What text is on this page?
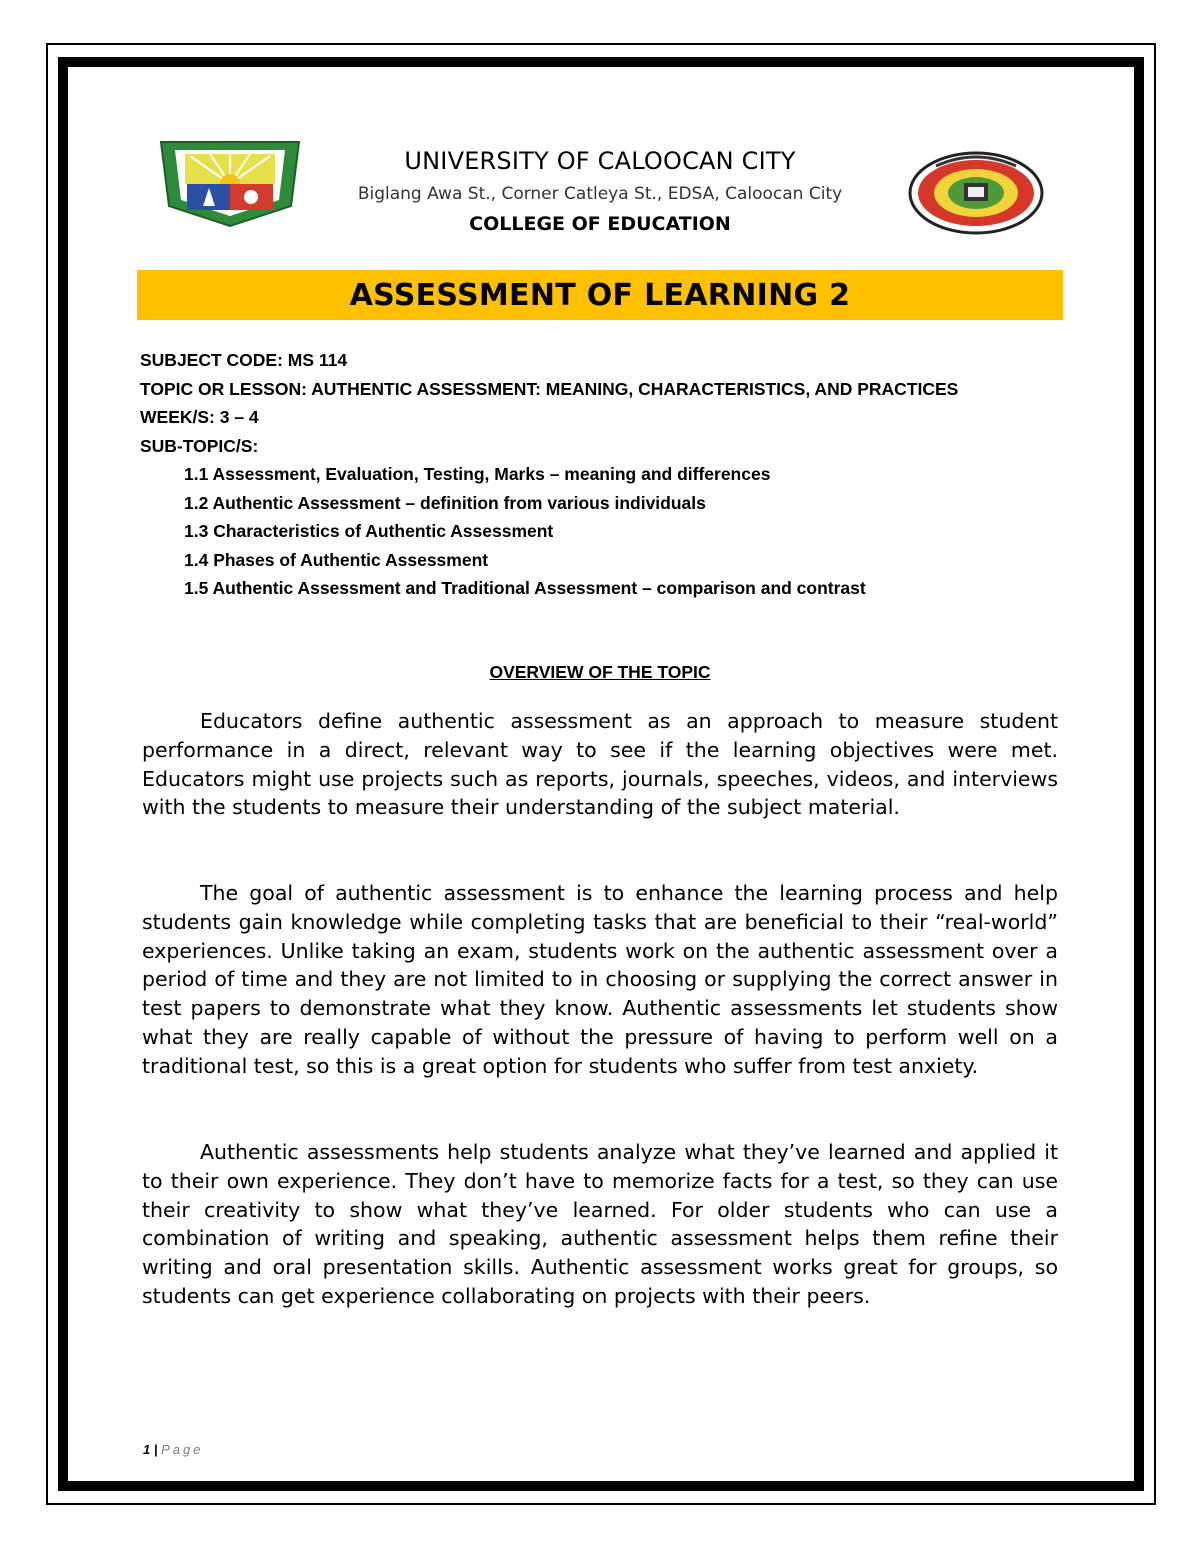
UNIVERSITY OF CALOOCAN CITY
Biglang Awa St., Corner Catleya St., EDSA, Caloocan City
COLLEGE OF EDUCATION
ASSESSMENT OF LEARNING 2
SUBJECT CODE: MS 114
TOPIC OR LESSON: AUTHENTIC ASSESSMENT: MEANING, CHARACTERISTICS, AND PRACTICES
WEEK/S: 3 – 4
SUB-TOPIC/S:
1.1 Assessment, Evaluation, Testing, Marks – meaning and differences
1.2 Authentic Assessment – definition from various individuals
1.3 Characteristics of Authentic Assessment
1.4 Phases of Authentic Assessment
1.5 Authentic Assessment and Traditional Assessment – comparison and contrast
OVERVIEW OF THE TOPIC

Educators define authentic assessment as an approach to measure student performance in a direct, relevant way to see if the learning objectives were met. Educators might use projects such as reports, journals, speeches, videos, and interviews with the students to measure their understanding of the subject material.

The goal of authentic assessment is to enhance the learning process and help students gain knowledge while completing tasks that are beneficial to their “real-world” experiences. Unlike taking an exam, students work on the authentic assessment over a period of time and they are not limited to in choosing or supplying the correct answer in test papers to demonstrate what they know. Authentic assessments let students show what they are really capable of without the pressure of having to perform well on a traditional test, so this is a great option for students who suffer from test anxiety.

Authentic assessments help students analyze what they’ve learned and applied it to their own experience. They don’t have to memorize facts for a test, so they can use their creativity to show what they’ve learned. For older students who can use a combination of writing and speaking, authentic assessment helps them refine their writing and oral presentation skills. Authentic assessment works great for groups, so students can get experience collaborating on projects with their peers.

1 | Page
